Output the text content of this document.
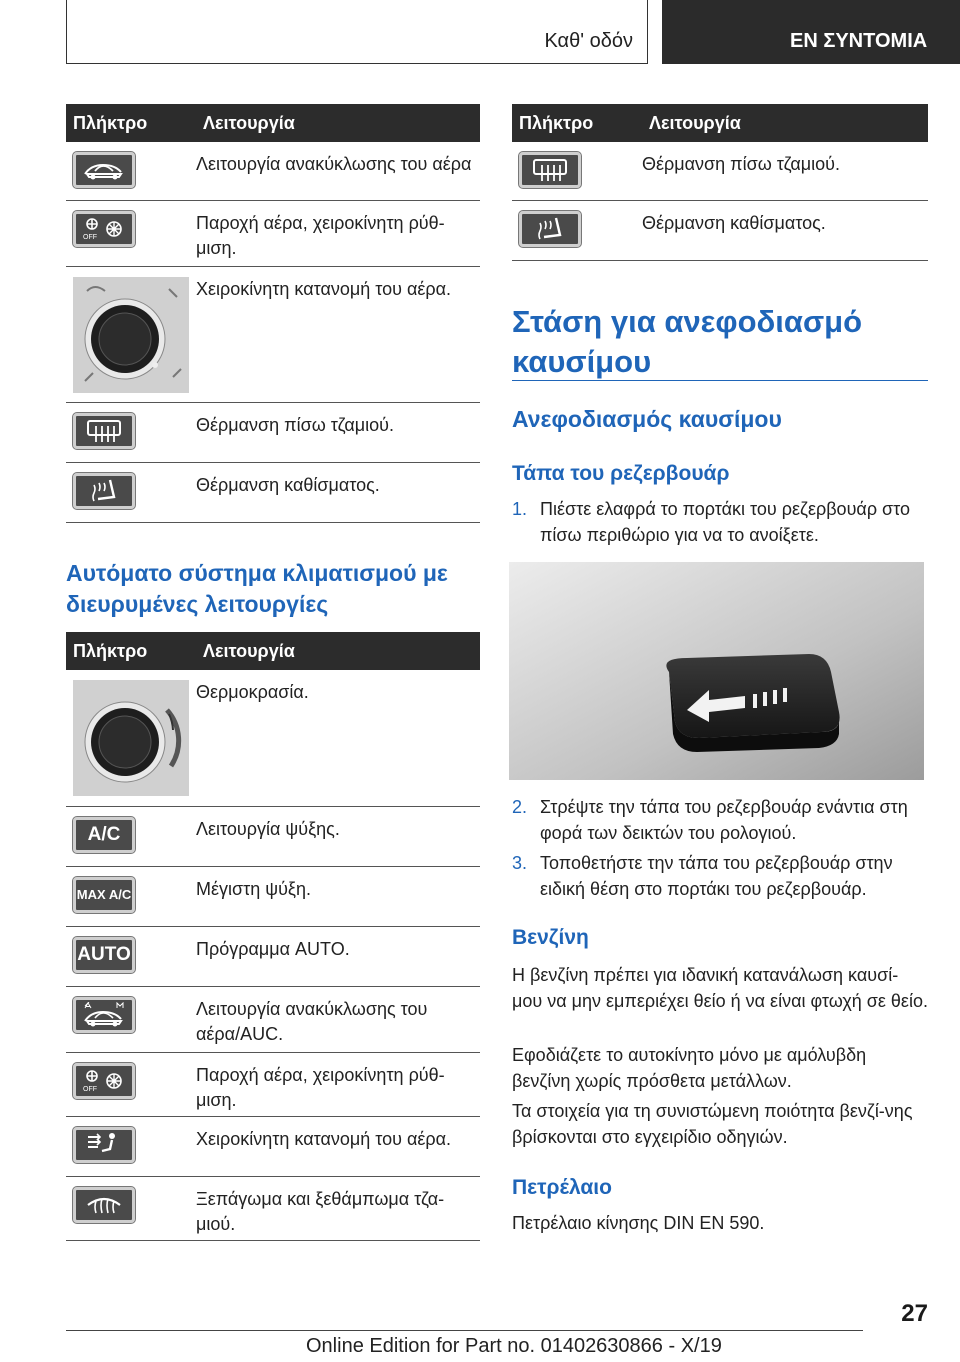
Καθ' οδόν	ΕΝ ΣΥΝΤΟΜΙΑ
Πλήκτρο	Λειτουργία

	Λειτουργία ανακύκλωσης του αέρα

OFF	Παροχή αέρα, χειροκίνητη ρύθ-μιση.

	Χειροκίνητη κατανομή του αέρα.

	Θέρμανση πίσω τζαμιού.

	Θέρμανση καθίσματος.
Αυτόματο σύστημα κλιματισμού με διευρυμένες λειτουργίες
Πλήκτρο	Λειτουργία

	Θερμοκρασία.

A/C	Λειτουργία ψύξης.

MAX A/C	Μέγιστη ψύξη.

AUTO	Πρόγραμμα AUTO.

	Λειτουργία ανακύκλωσης του αέρα/AUC.

OFF	Παροχή αέρα, χειροκίνητη ρύθ-μιση.

	Χειροκίνητη κατανομή του αέρα.

	Ξεπάγωμα και ξεθάμπωμα τζα-μιού.
Πλήκτρο	Λειτουργία

	Θέρμανση πίσω τζαμιού.

	Θέρμανση καθίσματος.
Στάση για ανεφοδιασμό καυσίμου
Ανεφοδιασμός καυσίμου
Τάπα του ρεζερβουάρ
1. Πιέστε ελαφρά το πορτάκι του ρεζερβουάρ στο πίσω περιθώριο για να το ανοίξετε.
2. Στρέψτε την τάπα του ρεζερβουάρ ενάντια στη φορά των δεικτών του ρολογιού.
3. Τοποθετήστε την τάπα του ρεζερβουάρ στην ειδική θέση στο πορτάκι του ρεζερβουάρ.
Βενζίνη
Η βενζίνη πρέπει για ιδανική κατανάλωση καυσί-μου να μην εμπεριέχει θείο ή να είναι φτωχή σε θείο.
Εφοδιάζετε το αυτοκίνητο μόνο με αμόλυβδη βενζίνη χωρίς πρόσθετα μετάλλων.
Τα στοιχεία για τη συνιστώμενη ποιότητα βενζί-νης βρίσκονται στο εγχειρίδιο οδηγιών.
Πετρέλαιο
Πετρέλαιο κίνησης DIN EN 590.
27
Online Edition for Part no. 01402630866 - X/19
